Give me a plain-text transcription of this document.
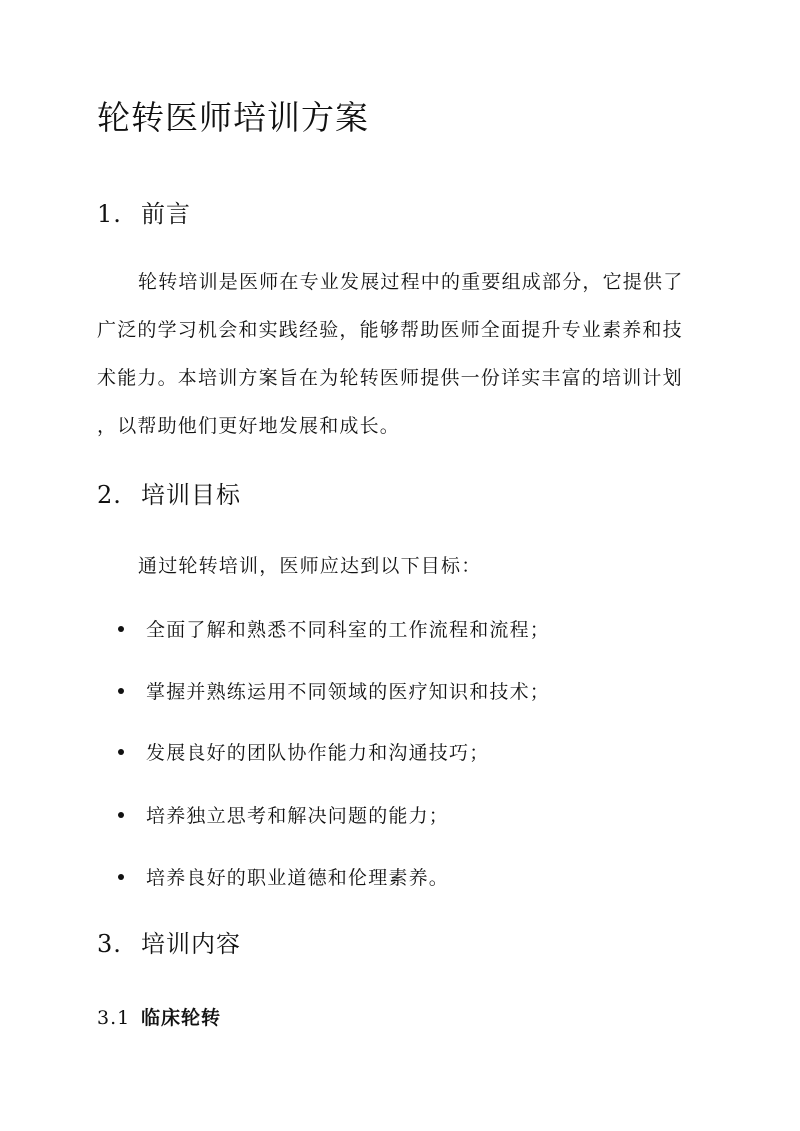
轮转医师培训方案
1. 前言

轮转培训是医师在专业发展过程中的重要组成部分，它提供了

广泛的学习机会和实践经验，能够帮助医师全面提升专业素养和技

术能力。本培训方案旨在为轮转医师提供一份详实丰富的培训计划

，以帮助他们更好地发展和成长。

2. 培训目标

通过轮转培训，医师应达到以下目标：

全面了解和熟悉不同科室的工作流程和流程；

掌握并熟练运用不同领域的医疗知识和技术；

发展良好的团队协作能力和沟通技巧；

培养独立思考和解决问题的能力；

培养良好的职业道德和伦理素养。

3. 培训内容
3.1 临床轮转
